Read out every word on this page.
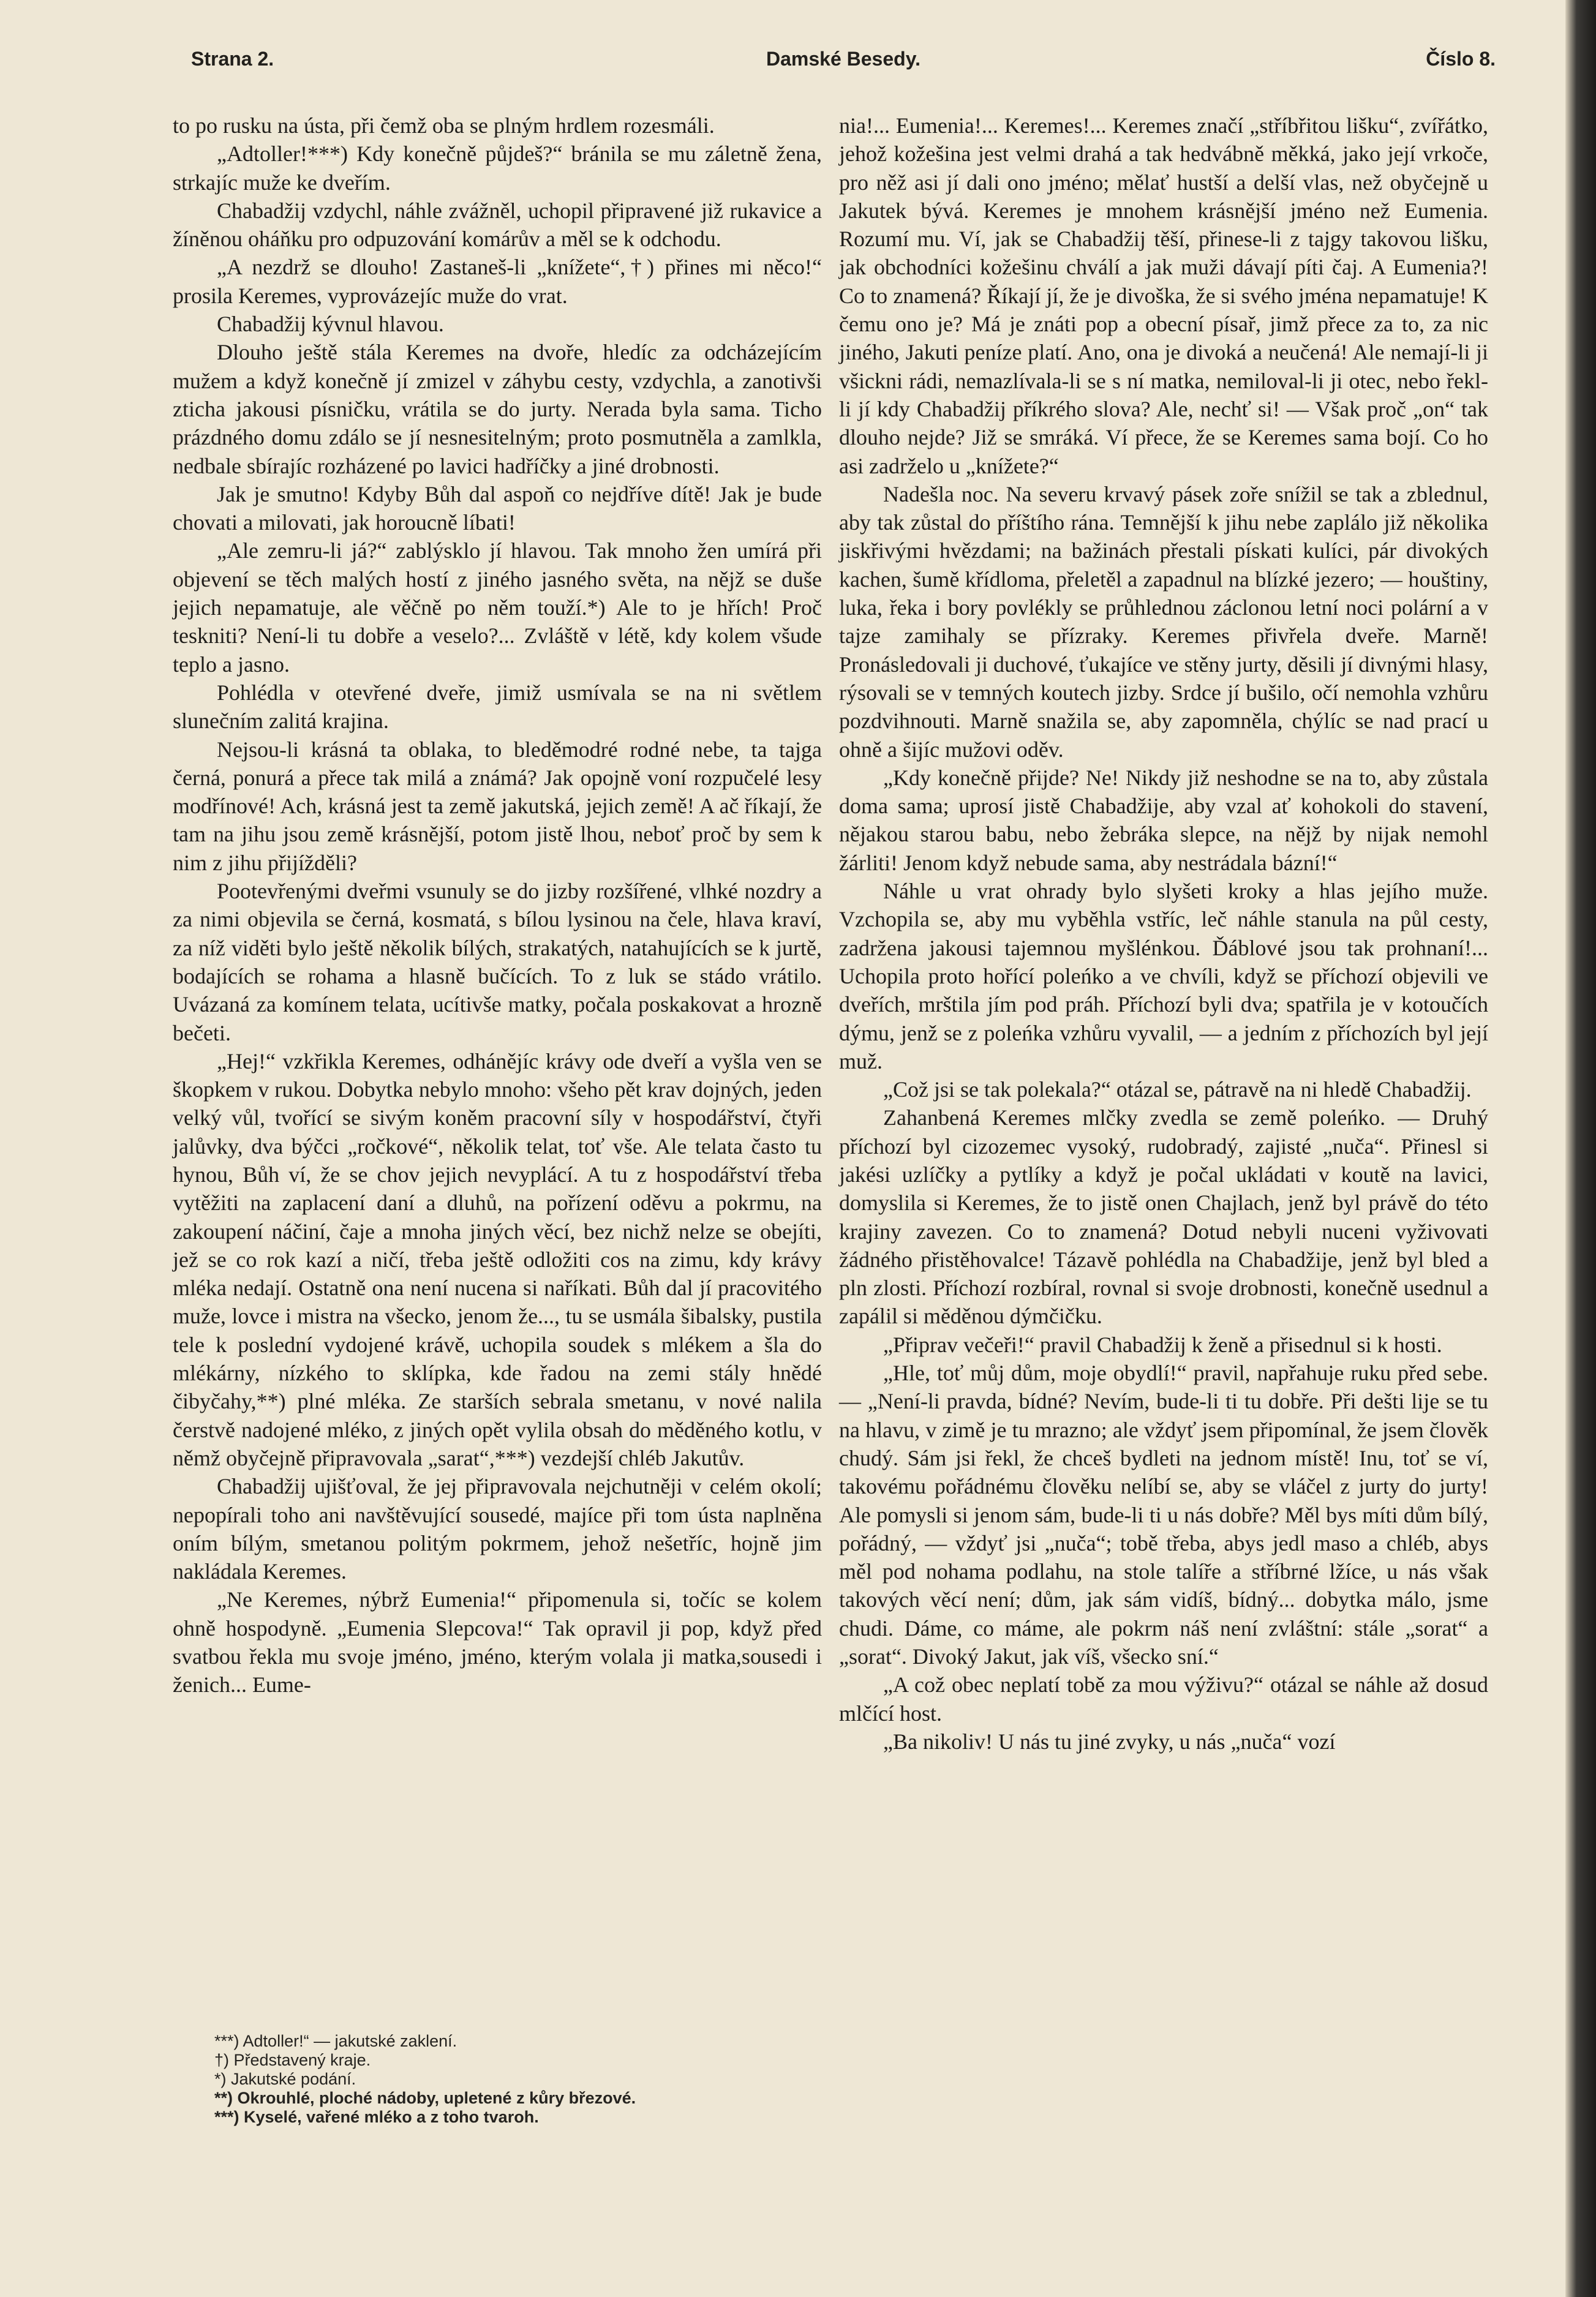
Strana 2.	Damské Besedy.	Číslo 8.

to po rusku na ústa, při čemž oba se plným hrdlem rozesmáli.

„Adtoller!***) Kdy konečně půjdeš?“ bránila se mu záletně žena, strkajíc muže ke dveřím.

Chabadžij vzdychl, náhle zvážněl, uchopil připravené již rukavice a žíněnou oháňku pro odpuzování komárův a měl se k odchodu.

„A nezdrž se dlouho! Zastaneš-li „knížete“,†) přines mi něco!“ prosila Keremes, vyprovázejíc muže do vrat.

Chabadžij kývnul hlavou.

Dlouho ještě stála Keremes na dvoře, hledíc za odcházejícím mužem a když konečně jí zmizel v záhybu cesty, vzdychla, a zanotivši zticha jakousi písničku, vrátila se do jurty. Nerada byla sama. Ticho prázdného domu zdálo se jí nesnesitelným; proto posmutněla a zamlkla, nedbale sbírajíc rozházené po lavici hadříčky a jiné drobnosti.

Jak je smutno! Kdyby Bůh dal aspoň co nejdříve dítě! Jak je bude chovati a milovati, jak horoucně líbati!

„Ale zemru-li já?“ zablýsklo jí hlavou. Tak mnoho žen umírá při objevení se těch malých hostí z jiného jasného světa, na nějž se duše jejich nepamatuje, ale věčně po něm touží.*) Ale to je hřích! Proč teskniti? Není-li tu dobře a veselo?... Zvláště v létě, kdy kolem všude teplo a jasno.

Pohlédla v otevřené dveře, jimiž usmívala se na ni světlem slunečním zalitá krajina.

Nejsou-li krásná ta oblaka, to bleděmodré rodné nebe, ta tajga černá, ponurá a přece tak milá a známá? Jak opojně voní rozpučelé lesy modřínové! Ach, krásná jest ta země jakutská, jejich země! A ač říkají, že tam na jihu jsou země krásnější, potom jistě lhou, neboť proč by sem k nim z jihu přijížděli?

Pootevřenými dveřmi vsunuly se do jizby rozšířené, vlhké nozdry a za nimi objevila se černá, kosmatá, s bílou lysinou na čele, hlava kraví, za níž viděti bylo ještě několik bílých, strakatých, natahujících se k jurtě, bodajících se rohama a hlasně bučících. To z luk se stádo vrátilo. Uvázaná za komínem telata, ucítivše matky, počala poskakovat a hrozně bečeti.

„Hej!“ vzkřikla Keremes, odhánějíc krávy ode dveří a vyšla ven se škopkem v rukou. Dobytka nebylo mnoho: všeho pět krav dojných, jeden velký vůl, tvořící se sivým koněm pracovní síly v hospodářství, čtyři jalůvky, dva býčci „ročkové“, několik telat, toť vše. Ale telata často tu hynou, Bůh ví, že se chov jejich nevyplácí. A tu z hospodářství třeba vytěžiti na zaplacení daní a dluhů, na pořízení oděvu a pokrmu, na zakoupení náčiní, čaje a mnoha jiných věcí, bez nichž nelze se obejíti, jež se co rok kazí a ničí, třeba ještě odložiti cos na zimu, kdy krávy mléka nedají. Ostatně ona není nucena si naříkati. Bůh dal jí pracovitého muže, lovce i mistra na všecko, jenom že..., tu se usmála šibalsky, pustila tele k poslední vydojené krávě, uchopila soudek s mlékem a šla do mlékárny, nízkého to sklípka, kde řadou na zemi stály hnědé čibyčahy,**) plné mléka. Ze starších sebrala smetanu, v nové nalila čerstvě nadojené mléko, z jiných opět vylila obsah do měděného kotlu, v němž obyčejně připravovala „sarat“,***) vezdejší chléb Jakutův.

Chabadžij ujišťoval, že jej připravovala nejchutněji v celém okolí; nepopírali toho ani navštěvující sousedé, majíce při tom ústa naplněna oním bílým, smetanou politým pokrmem, jehož nešetříc, hojně jim nakládala Keremes.

„Ne Keremes, nýbrž Eumenia!“ připomenula si, točíc se kolem ohně hospodyně. „Eumenia Slepcova!“ Tak opravil ji pop, když před svatbou řekla mu svoje jméno, jméno, kterým volala ji matka,sousedi i ženich... Eume-

nia!... Eumenia!... Keremes!... Keremes značí „stříbřitou lišku“, zvířátko, jehož kožešina jest velmi drahá a tak hedvábně měkká, jako její vrkoče, pro něž asi jí dali ono jméno; mělať hustší a delší vlas, než obyčejně u Jakutek bývá. Keremes je mnohem krásnější jméno než Eumenia. Rozumí mu. Ví, jak se Chabadžij těší, přinese-li z tajgy takovou lišku, jak obchodníci kožešinu chválí a jak muži dávají píti čaj. A Eumenia?! Co to znamená? Říkají jí, že je divoška, že si svého jména nepamatuje! K čemu ono je? Má je znáti pop a obecní písař, jimž přece za to, za nic jiného, Jakuti peníze platí. Ano, ona je divoká a neučená! Ale nemají-li ji všickni rádi, nemazlívala-li se s ní matka, nemiloval-li ji otec, nebo řekl-li jí kdy Chabadžij příkrého slova? Ale, nechť si! — Však proč „on“ tak dlouho nejde? Již se smráká. Ví přece, že se Keremes sama bojí. Co ho asi zadrželo u „knížete?“

Nadešla noc. Na severu krvavý pásek zoře snížil se tak a zblednul, aby tak zůstal do příštího rána. Temnější k jihu nebe zaplálo již několika jiskřivými hvězdami; na bažinách přestali pískati kulíci, pár divokých kachen, šumě křídloma, přeletěl a zapadnul na blízké jezero; — houštiny, luka, řeka i bory povlékly se průhlednou záclonou letní noci polární a v tajze zamihaly se přízraky. Keremes přivřela dveře. Marně! Pronásledovali ji duchové, ťukajíce ve stěny jurty, děsili jí divnými hlasy, rýsovali se v temných koutech jizby. Srdce jí bušilo, očí nemohla vzhůru pozdvihnouti. Marně snažila se, aby zapomněla, chýlíc se nad prací u ohně a šijíc mužovi oděv.

„Kdy konečně přijde? Ne! Nikdy již neshodne se na to, aby zůstala doma sama; uprosí jistě Chabadžije, aby vzal ať kohokoli do stavení, nějakou starou babu, nebo žebráka slepce, na nějž by nijak nemohl žárliti! Jenom když nebude sama, aby nestrádala bázní!“

Náhle u vrat ohrady bylo slyšeti kroky a hlas jejího muže. Vzchopila se, aby mu vyběhla vstříc, leč náhle stanula na půl cesty, zadržena jakousi tajemnou myšlénkou. Ďáblové jsou tak prohnaní!... Uchopila proto hořící poleńko a ve chvíli, když se příchozí objevili ve dveřích, mrštila jím pod práh. Příchozí byli dva; spatřila je v kotoučích dýmu, jenž se z poleńka vzhůru vyvalil, — a jedním z příchozích byl její muž.

„Což jsi se tak polekala?“ otázal se, pátravě na ni hledě Chabadžij.

Zahanbená Keremes mlčky zvedla se země poleńko. — Druhý příchozí byl cizozemec vysoký, rudobradý, zajisté „nuča“. Přinesl si jakési uzlíčky a pytlíky a když je počal ukládati v koutě na lavici, domyslila si Keremes, že to jistě onen Chajlach, jenž byl právě do této krajiny zavezen. Co to znamená? Dotud nebyli nuceni vyživovati žádného přistěhovalce! Tázavě pohlédla na Chabadžije, jenž byl bled a pln zlosti. Příchozí rozbíral, rovnal si svoje drobnosti, konečně usednul a zapálil si měděnou dýmčičku.

„Připrav večeři!“ pravil Chabadžij k ženě a přisednul si k hosti.

„Hle, toť můj dům, moje obydlí!“ pravil, napřahuje ruku před sebe. — „Není-li pravda, bídné? Nevím, bude-li ti tu dobře. Při dešti lije se tu na hlavu, v zimě je tu mrazno; ale vždyť jsem připomínal, že jsem člověk chudý. Sám jsi řekl, že chceš bydleti na jednom místě! Inu, toť se ví, takovému pořádnému člověku nelíbí se, aby se vláčel z jurty do jurty! Ale pomysli si jenom sám, bude-li ti u nás dobře? Měl bys míti dům bílý, pořádný, — vždyť jsi „nuča“; tobě třeba, abys jedl maso a chléb, abys měl pod nohama podlahu, na stole talíře a stříbrné lžíce, u nás však takových věcí není; dům, jak sám vidíš, bídný... dobytka málo, jsme chudi. Dáme, co máme, ale pokrm náš není zvláštní: stále „sorat“ a „sorat“. Divoký Jakut, jak víš, všecko sní.“

„A což obec neplatí tobě za mou výživu?“ otázal se náhle až dosud mlčící host.

„Ba nikoliv! U nás tu jiné zvyky, u nás „nuča“ vozí

***) Adtoller!“ — jakutské zaklení.
†) Představený kraje.
*) Jakutské podání.
**) Okrouhlé, ploché nádoby, upletené z kůry březové.
***) Kyselé, vařené mléko a z toho tvaroh.
